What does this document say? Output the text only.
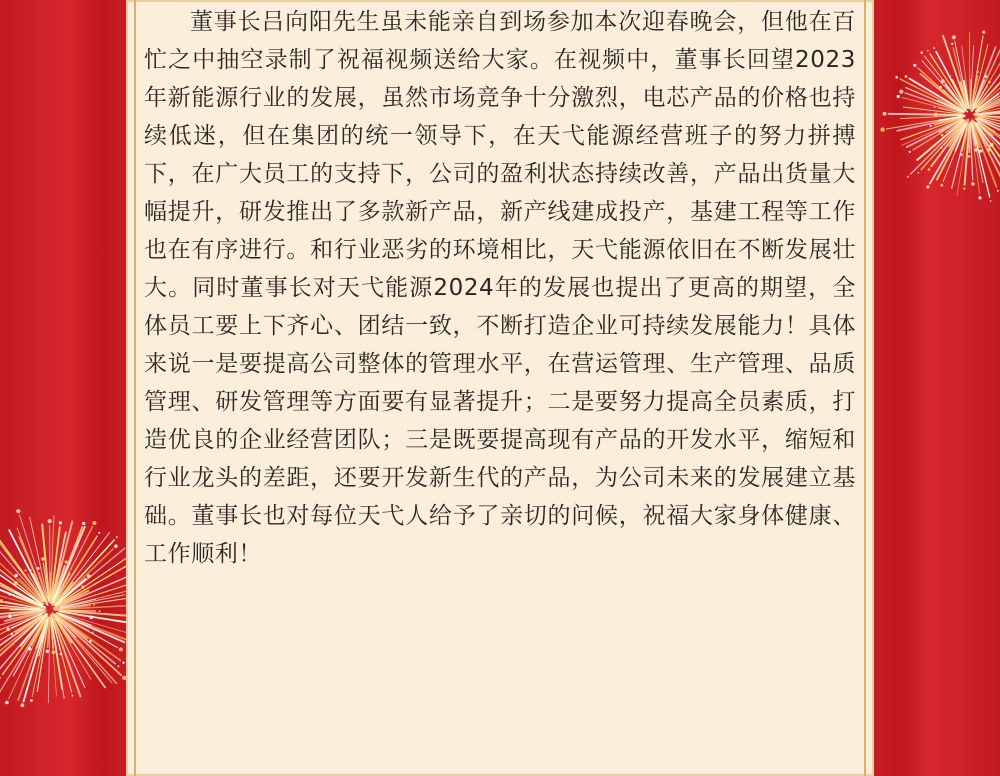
董事长吕向阳先生虽未能亲自到场参加本次迎春晚会，但他在百忙之中抽空录制了祝福视频送给大家。在视频中，董事长回望2023年新能源行业的发展，虽然市场竞争十分激烈，电芯产品的价格也持续低迷，但在集团的统一领导下，在天弋能源经营班子的努力拼搏下，在广大员工的支持下，公司的盈利状态持续改善，产品出货量大幅提升，研发推出了多款新产品，新产线建成投产，基建工程等工作也在有序进行。和行业恶劣的环境相比，天弋能源依旧在不断发展壮大。同时董事长对天弋能源2024年的发展也提出了更高的期望，全体员工要上下齐心、团结一致，不断打造企业可持续发展能力！具体来说一是要提高公司整体的管理水平，在营运管理、生产管理、品质管理、研发管理等方面要有显著提升；二是要努力提高全员素质，打造优良的企业经营团队；三是既要提高现有产品的开发水平，缩短和行业龙头的差距，还要开发新生代的产品，为公司未来的发展建立基础。董事长也对每位天弋人给予了亲切的问候，祝福大家身体健康、工作顺利！
